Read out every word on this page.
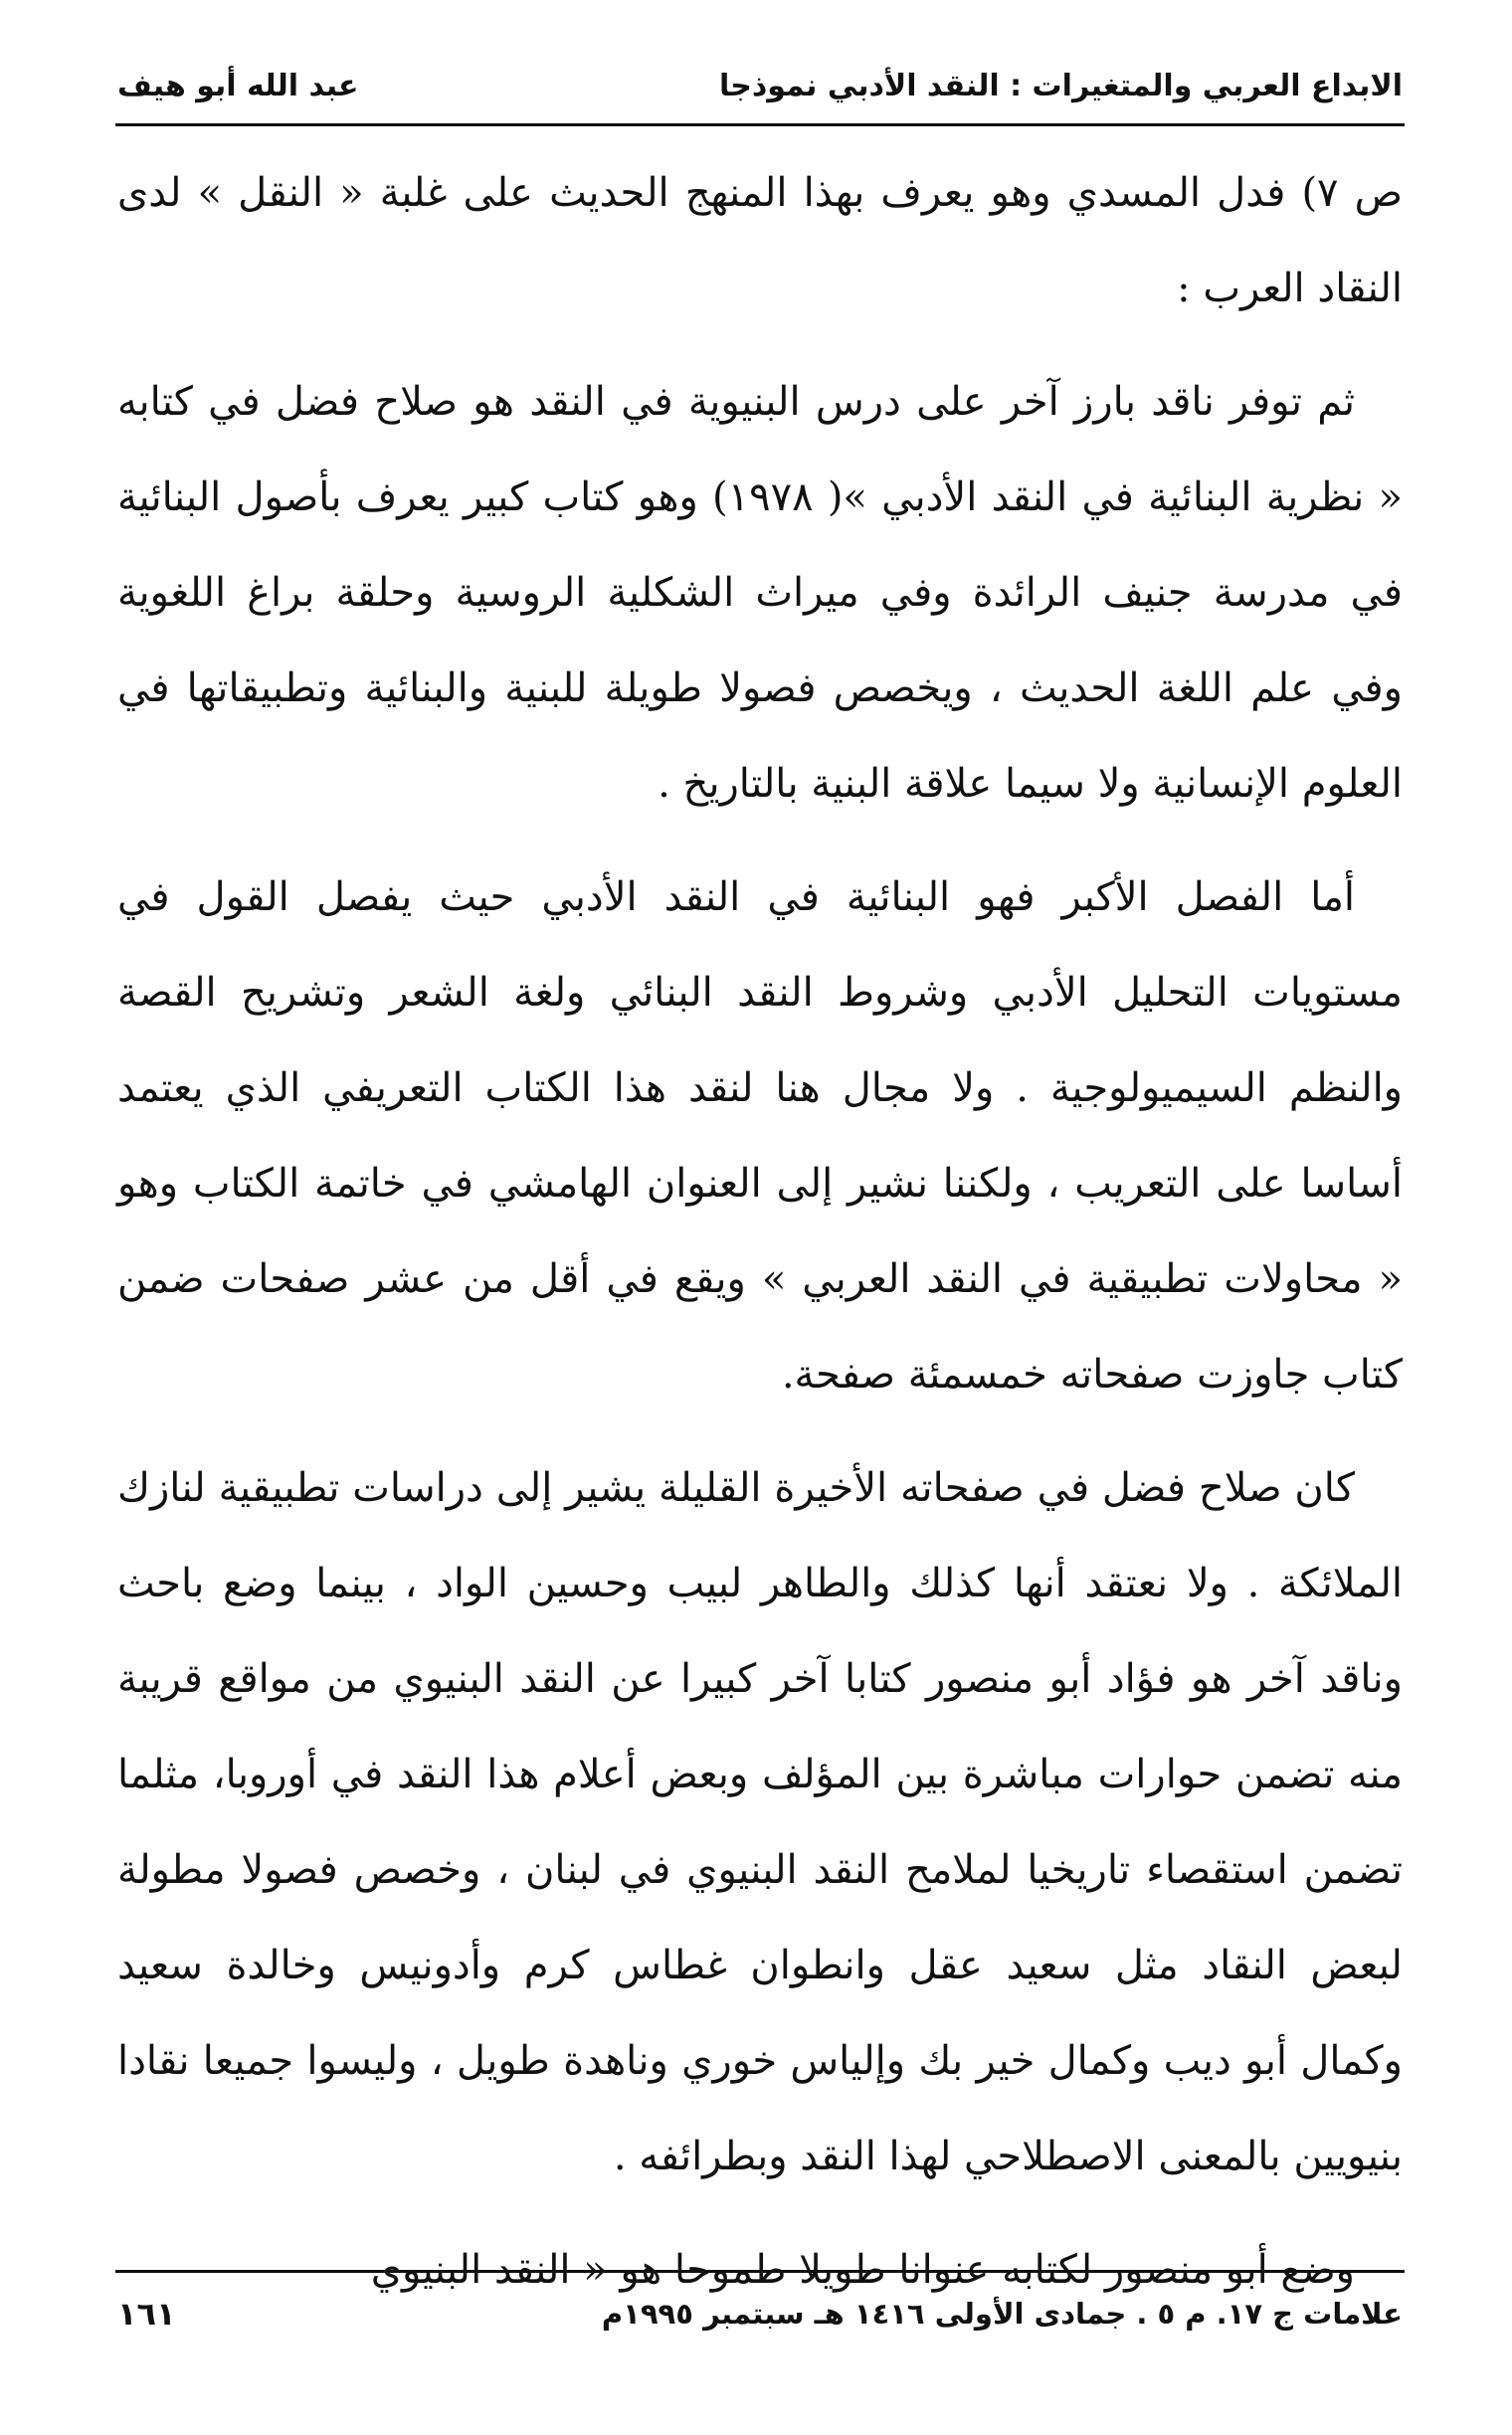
الابداع العربي والمتغيرات : النقد الأدبي نموذجا
عبد الله أبو هيف

ص ٧) فدل المسدي وهو يعرف بهذا المنهج الحديث على غلبة « النقل » لدى النقاد العرب :

ثم توفر ناقد بارز آخر على درس البنيوية في النقد هو صلاح فضل في كتابه « نظرية البنائية في النقد الأدبي »( ١٩٧٨) وهو كتاب كبير يعرف بأصول البنائية في مدرسة جنيف الرائدة وفي ميراث الشكلية الروسية وحلقة براغ اللغوية وفي علم اللغة الحديث ، ويخصص فصولا طويلة للبنية والبنائية وتطبيقاتها في العلوم الإنسانية ولا سيما علاقة البنية بالتاريخ .

أما الفصل الأكبر فهو البنائية في النقد الأدبي حيث يفصل القول في مستويات التحليل الأدبي وشروط النقد البنائي ولغة الشعر وتشريح القصة والنظم السيميولوجية . ولا مجال هنا لنقد هذا الكتاب التعريفي الذي يعتمد أساسا على التعريب ، ولكننا نشير إلى العنوان الهامشي في خاتمة الكتاب وهو « محاولات تطبيقية في النقد العربي » ويقع في أقل من عشر صفحات ضمن كتاب جاوزت صفحاته خمسمئة صفحة.

كان صلاح فضل في صفحاته الأخيرة القليلة يشير إلى دراسات تطبيقية لنازك الملائكة . ولا نعتقد أنها كذلك والطاهر لبيب وحسين الواد ، بينما وضع باحث وناقد آخر هو فؤاد أبو منصور كتابا آخر كبيرا عن النقد البنيوي من مواقع قريبة منه تضمن حوارات مباشرة بين المؤلف وبعض أعلام هذا النقد في أوروبا، مثلما تضمن استقصاء تاريخيا لملامح النقد البنيوي في لبنان ، وخصص فصولا مطولة لبعض النقاد مثل سعيد عقل وانطوان غطاس كرم وأدونيس وخالدة سعيد وكمال أبو ديب وكمال خير بك وإلياس خوري وناهدة طويل ، وليسوا جميعا نقادا بنيويين بالمعنى الاصطلاحي لهذا النقد وبطرائفه .

وضع أبو منصور لكتابه عنوانا طويلا طموحا هو « النقد البنيوي

علامات ج ١٧. م ٥ . جمادى الأولى ١٤١٦ هـ سبتمبر ١٩٩٥م
١٦١
